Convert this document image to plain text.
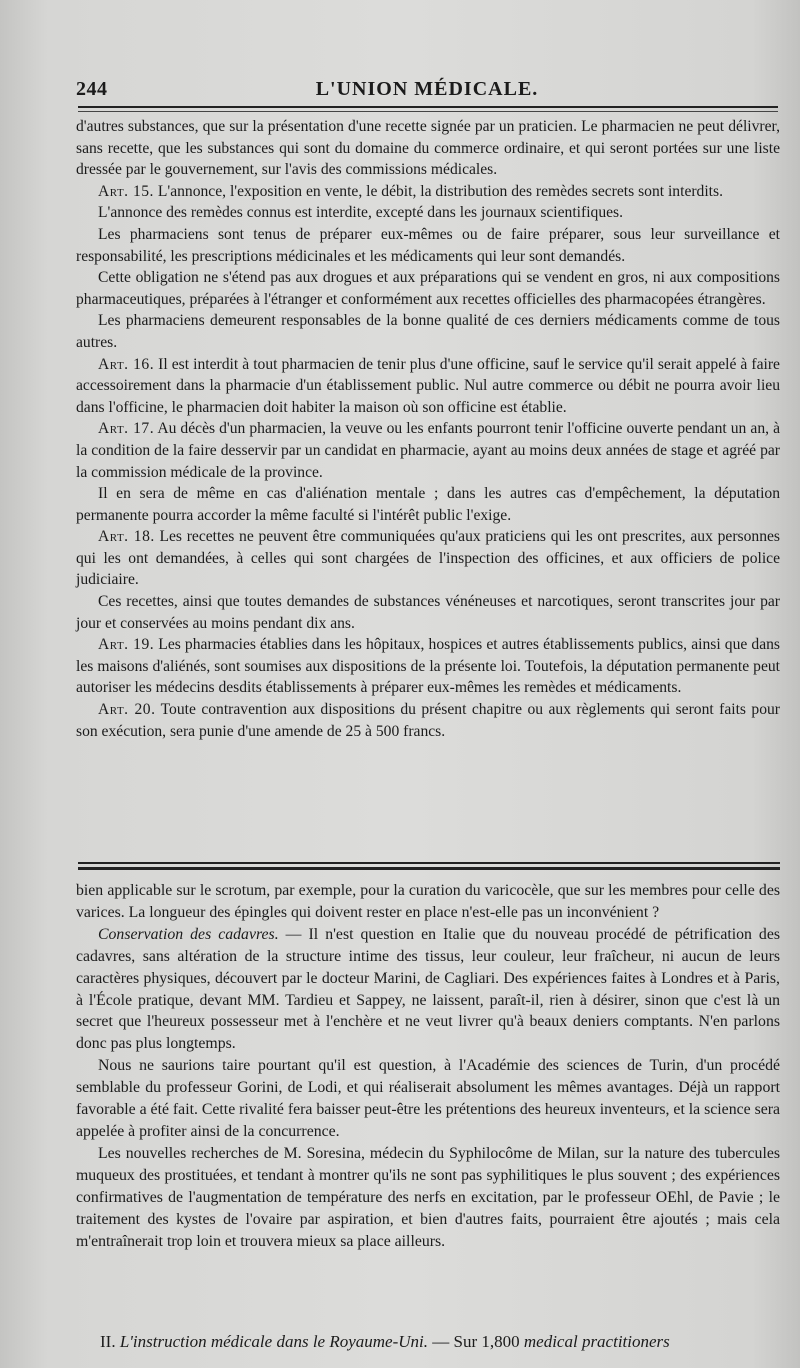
244	L'UNION MÉDICALE.

d'autres substances, que sur la présentation d'une recette signée par un praticien. Le pharmacien ne peut délivrer, sans recette, que les substances qui sont du domaine du commerce ordinaire, et qui seront portées sur une liste dressée par le gouvernement, sur l'avis des commissions médicales.

Art. 15. L'annonce, l'exposition en vente, le débit, la distribution des remèdes secrets sont interdits.

L'annonce des remèdes connus est interdite, excepté dans les journaux scientifiques.

Les pharmaciens sont tenus de préparer eux-mêmes ou de faire préparer, sous leur surveillance et responsabilité, les prescriptions médicinales et les médicaments qui leur sont demandés.

Cette obligation ne s'étend pas aux drogues et aux préparations qui se vendent en gros, ni aux compositions pharmaceutiques, préparées à l'étranger et conformément aux recettes officielles des pharmacopées étrangères.

Les pharmaciens demeurent responsables de la bonne qualité de ces derniers médicaments comme de tous autres.

Art. 16. Il est interdit à tout pharmacien de tenir plus d'une officine, sauf le service qu'il serait appelé à faire accessoirement dans la pharmacie d'un établissement public. Nul autre commerce ou débit ne pourra avoir lieu dans l'officine, le pharmacien doit habiter la maison où son officine est établie.

Art. 17. Au décès d'un pharmacien, la veuve ou les enfants pourront tenir l'officine ouverte pendant un an, à la condition de la faire desservir par un candidat en pharmacie, ayant au moins deux années de stage et agréé par la commission médicale de la province.

Il en sera de même en cas d'aliénation mentale ; dans les autres cas d'empêchement, la députation permanente pourra accorder la même faculté si l'intérêt public l'exige.

Art. 18. Les recettes ne peuvent être communiquées qu'aux praticiens qui les ont prescrites, aux personnes qui les ont demandées, à celles qui sont chargées de l'inspection des officines, et aux officiers de police judiciaire.

Ces recettes, ainsi que toutes demandes de substances vénéneuses et narcotiques, seront transcrites jour par jour et conservées au moins pendant dix ans.

Art. 19. Les pharmacies établies dans les hôpitaux, hospices et autres établissements publics, ainsi que dans les maisons d'aliénés, sont soumises aux dispositions de la présente loi. Toutefois, la députation permanente peut autoriser les médecins desdits établissements à préparer eux-mêmes les remèdes et médicaments.

Art. 20. Toute contravention aux dispositions du présent chapitre ou aux règlements qui seront faits pour son exécution, sera punie d'une amende de 25 à 500 francs.

bien applicable sur le scrotum, par exemple, pour la curation du varicocèle, que sur les membres pour celle des varices. La longueur des épingles qui doivent rester en place n'est-elle pas un inconvénient ?

Conservation des cadavres. — Il n'est question en Italie que du nouveau procédé de pétrification des cadavres, sans altération de la structure intime des tissus, leur couleur, leur fraîcheur, ni aucun de leurs caractères physiques, découvert par le docteur Marini, de Cagliari. Des expériences faites à Londres et à Paris, à l'École pratique, devant MM. Tardieu et Sappey, ne laissent, paraît-il, rien à désirer, sinon que c'est là un secret que l'heureux possesseur met à l'enchère et ne veut livrer qu'à beaux deniers comptants. N'en parlons donc pas plus longtemps.

Nous ne saurions taire pourtant qu'il est question, à l'Académie des sciences de Turin, d'un procédé semblable du professeur Gorini, de Lodi, et qui réaliserait absolument les mêmes avantages. Déjà un rapport favorable a été fait. Cette rivalité fera baisser peut-être les prétentions des heureux inventeurs, et la science sera appelée à profiter ainsi de la concurrence.

Les nouvelles recherches de M. Soresina, médecin du Syphilocôme de Milan, sur la nature des tubercules muqueux des prostituées, et tendant à montrer qu'ils ne sont pas syphilitiques le plus souvent ; des expériences confirmatives de l'augmentation de température des nerfs en excitation, par le professeur OEhl, de Pavie ; le traitement des kystes de l'ovaire par aspiration, et bien d'autres faits, pourraient être ajoutés ; mais cela m'entraînerait trop loin et trouvera mieux sa place ailleurs.

II. L'instruction médicale dans le Royaume-Uni. — Sur 1,800 medical practitioners
